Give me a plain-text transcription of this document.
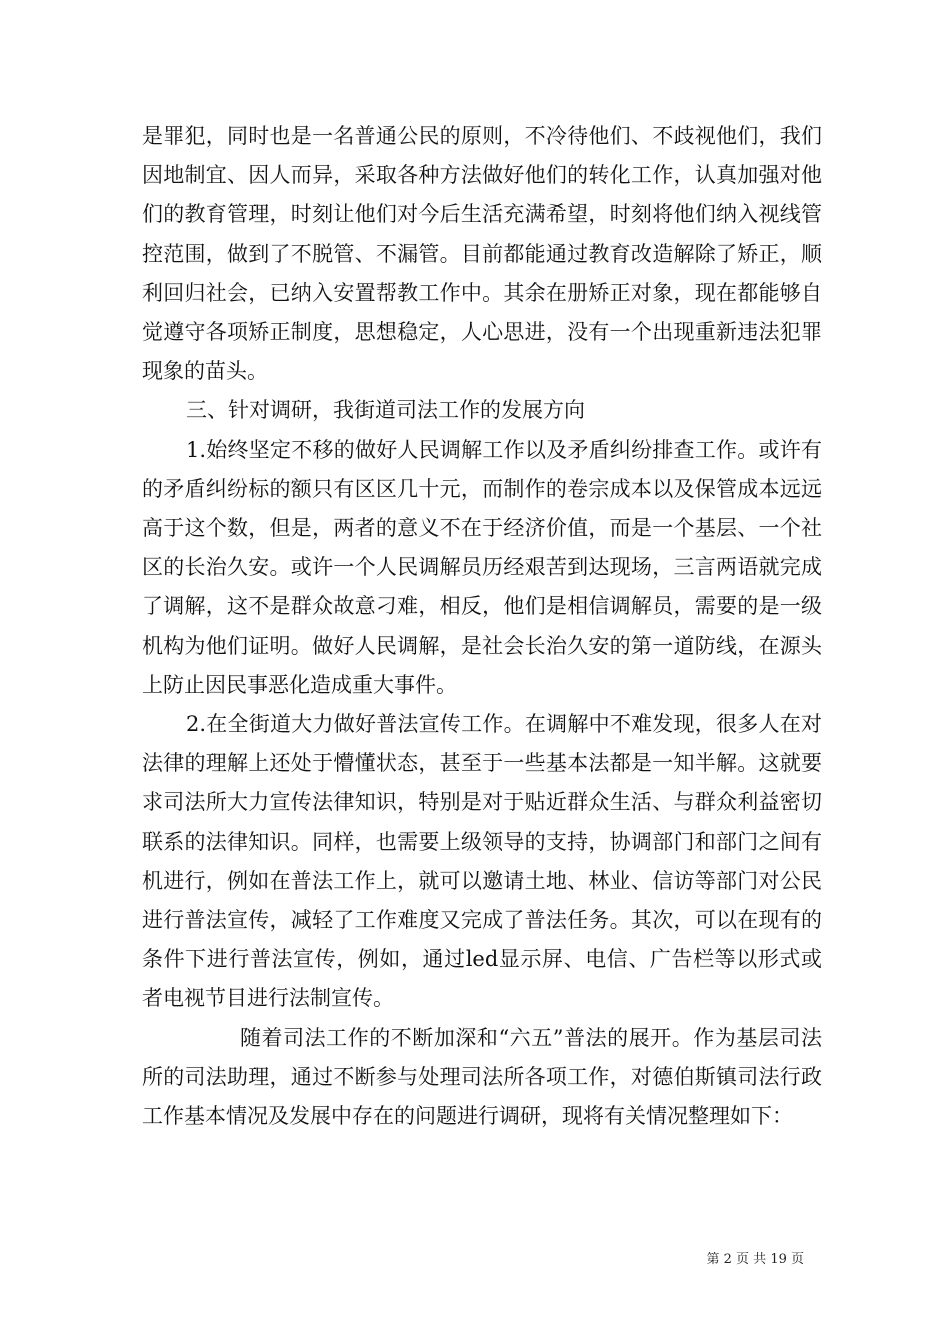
是罪犯，同时也是一名普通公民的原则，不冷待他们、不歧视他们，我们因地制宜、因人而异，采取各种方法做好他们的转化工作，认真加强对他们的教育管理，时刻让他们对今后生活充满希望，时刻将他们纳入视线管控范围，做到了不脱管、不漏管。目前都能通过教育改造解除了矫正，顺利回归社会，已纳入安置帮教工作中。其余在册矫正对象，现在都能够自觉遵守各项矫正制度，思想稳定，人心思进，没有一个出现重新违法犯罪现象的苗头。

三、针对调研，我街道司法工作的发展方向

1.始终坚定不移的做好人民调解工作以及矛盾纠纷排查工作。或许有的矛盾纠纷标的额只有区区几十元，而制作的卷宗成本以及保管成本远远高于这个数，但是，两者的意义不在于经济价值，而是一个基层、一个社区的长治久安。或许一个人民调解员历经艰苦到达现场，三言两语就完成了调解，这不是群众故意刁难，相反，他们是相信调解员，需要的是一级机构为他们证明。做好人民调解，是社会长治久安的第一道防线，在源头上防止因民事恶化造成重大事件。

2.在全街道大力做好普法宣传工作。在调解中不难发现，很多人在对法律的理解上还处于懵懂状态，甚至于一些基本法都是一知半解。这就要求司法所大力宣传法律知识，特别是对于贴近群众生活、与群众利益密切联系的法律知识。同样，也需要上级领导的支持，协调部门和部门之间有机进行，例如在普法工作上，就可以邀请土地、林业、信访等部门对公民进行普法宣传，减轻了工作难度又完成了普法任务。其次，可以在现有的条件下进行普法宣传，例如，通过led显示屏、电信、广告栏等以形式或者电视节目进行法制宣传。

随着司法工作的不断加深和“六五”普法的展开。作为基层司法所的司法助理，通过不断参与处理司法所各项工作，对德伯斯镇司法行政工作基本情况及发展中存在的问题进行调研，现将有关情况整理如下：

第 2 页 共 19 页
